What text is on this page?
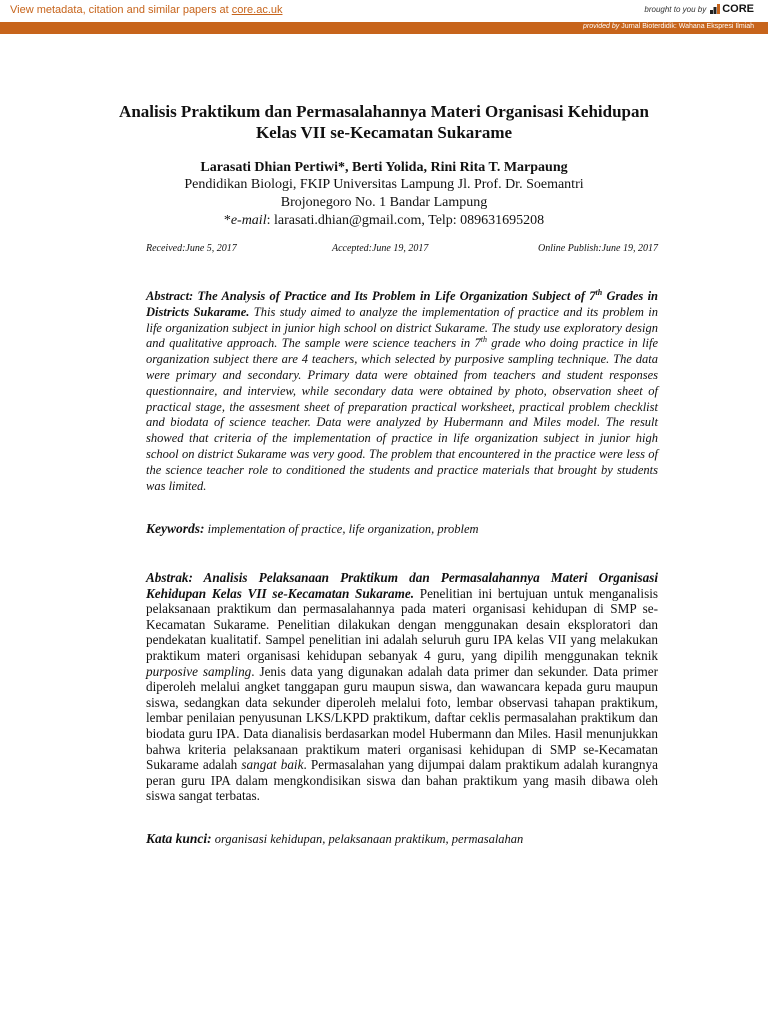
View metadata, citation and similar papers at core.ac.uk	brought to you by CORE
provided by Jurnal Bioterdidik: Wahana Ekspresi Ilmiah
Analisis Praktikum dan Permasalahannya Materi Organisasi Kehidupan Kelas VII se-Kecamatan Sukarame
Larasati Dhian Pertiwi*, Berti Yolida, Rini Rita T. Marpaung
Pendidikan Biologi, FKIP Universitas Lampung Jl. Prof. Dr. Soemantri
Brojonegoro No. 1 Bandar Lampung
*e-mail: larasati.dhian@gmail.com, Telp: 089631695208
Received:June 5, 2017	Accepted:June 19, 2017	Online Publish:June 19, 2017
Abstract: The Analysis of Practice and Its Problem in Life Organization Subject of 7th Grades in Districts Sukarame. This study aimed to analyze the implementation of practice and its problem in life organization subject in junior high school on district Sukarame. The study use exploratory design and qualitative approach. The sample were science teachers in 7th grade who doing practice in life organization subject there are 4 teachers, which selected by purposive sampling technique. The data were primary and secondary. Primary data were obtained from teachers and student responses questionnaire, and interview, while secondary data were obtained by photo, observation sheet of practical stage, the assesment sheet of preparation practical worksheet, practical problem checklist and biodata of science teacher. Data were analyzed by Hubermann and Miles model. The result showed that criteria of the implementation of practice in life organization subject in junior high school on district Sukarame was very good. The problem that encountered in the practice were less of the science teacher role to conditioned the students and practice materials that brought by students was limited.
Keywords: implementation of practice, life organization, problem
Abstrak: Analisis Pelaksanaan Praktikum dan Permasalahannya Materi Organisasi Kehidupan Kelas VII se-Kecamatan Sukarame. Penelitian ini bertujuan untuk menganalisis pelaksanaan praktikum dan permasalahannya pada materi organisasi kehidupan di SMP se-Kecamatan Sukarame. Penelitian dilakukan dengan menggunakan desain eksploratori dan pendekatan kualitatif. Sampel penelitian ini adalah seluruh guru IPA kelas VII yang melakukan praktikum materi organisasi kehidupan sebanyak 4 guru, yang dipilih menggunakan teknik purposive sampling. Jenis data yang digunakan adalah data primer dan sekunder. Data primer diperoleh melalui angket tanggapan guru maupun siswa, dan wawancara kepada guru maupun siswa, sedangkan data sekunder diperoleh melalui foto, lembar observasi tahapan praktikum, lembar penilaian penyusunan LKS/LKPD praktikum, daftar ceklis permasalahan praktikum dan biodata guru IPA. Data dianalisis berdasarkan model Hubermann dan Miles. Hasil menunjukkan bahwa kriteria pelaksanaan praktikum materi organisasi kehidupan di SMP se-Kecamatan Sukarame adalah sangat baik. Permasalahan yang dijumpai dalam praktikum adalah kurangnya peran guru IPA dalam mengkondisikan siswa dan bahan praktikum yang masih dibawa oleh siswa sangat terbatas.
Kata kunci: organisasi kehidupan, pelaksanaan praktikum, permasalahan
